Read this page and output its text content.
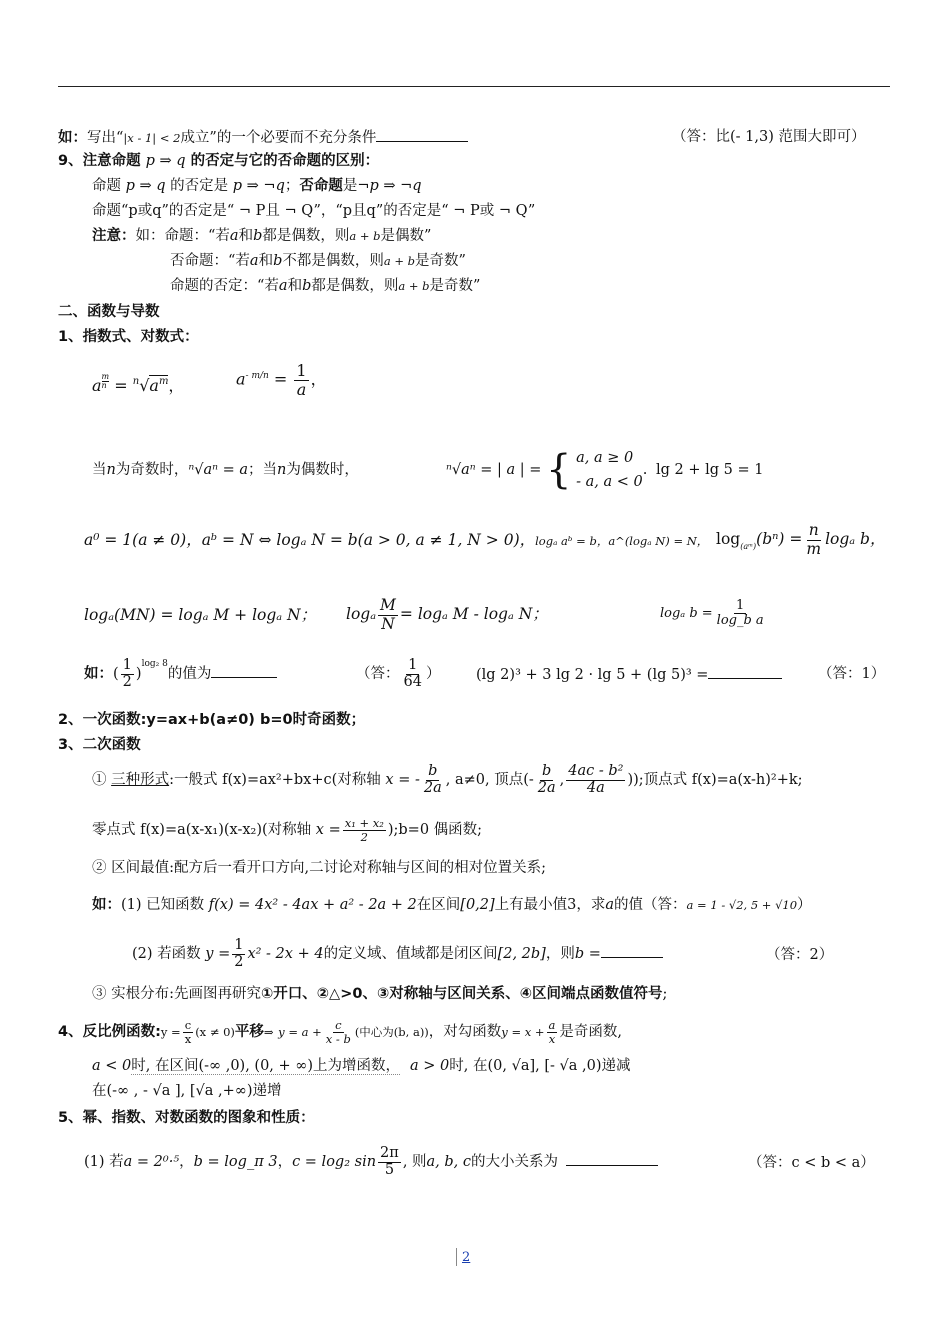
如：写出“|x - 1| < 2成立”的一个必要而不充分条件	（答：比(- 1,3) 范围大即可）
9、注意命题 p ⇒ q 的否定与它的否命题的区别：
命题 p ⇒ q 的否定是 p ⇒ ¬q；否命题是¬p ⇒ ¬q
命题“p或q”的否定是“ ¬ P且 ¬ Q”，“p且q”的否定是“ ¬ P或 ¬ Q”
注意：如：命题：“若a和b都是偶数，则a + b是偶数”
否命题：“若a和b不都是偶数，则a + b是奇数”
命题的否定：“若a和b都是偶数，则a + b是奇数”
二、函数与导数
1、指数式、对数式：
a $\frac{m}{n} = ^n√a^m$，	$a^{- m/n} = \frac{1}{a}$ ，
当n为奇数时，ⁿ√aⁿ = a；当n为偶数时，	ⁿ√aⁿ = | a | = { a, a ≥ 0
- a, a < 0
. lg 2 + lg 5 = 1
a⁰ = 1(a ≠ 0)，aᵇ = N ⇔ logₐ N = b(a > 0, a ≠ 1, N > 0)，logₐ aᵇ = b，a^(logₐ N) = N， $\log_{(aᵐ)}(b^n) = \frac{n}{m}$ logₐ b，
logₐ(MN) = logₐ M + logₐ N； logₐ $\frac{M}{N} = \log_a$ M - logₐ N；	logₐ $b = \frac{1}{\text{log\_b a}}$
如：( $\frac{1}{2} )^{log_2 8}$的值为	（答： $\frac{1}{64}$ ） (lg 2)³ + 3 lg 2 · lg 5 + (lg 5)³ =	（答：1）
2、一次函数:y=ax+b(a≠0) b=0时奇函数；
3、二次函数
① 三种形式:一般式 f(x)=ax²+bx+c(对称轴 x = - $\frac{b}{2a}$ , a≠0, 顶点(- $\frac{b}{2a}$ , $\frac{\text{4ac - b²}}{4a}$ ));顶点式 f(x)=a(x-h)²+k;
零点式 f(x)=a(x-x₁)(x-x₂)(对称轴 $x = \frac{\text{x₁ + x₂}}{2}$ );b=0 偶函数;
② 区间最值:配方后一看开口方向,二讨论对称轴与区间的相对位置关系;
如：(1) 已知函数 f(x) = 4x² - 4ax + a² - 2a + 2在区间[0,2]上有最小值3，求a的值（答：a = 1 - √2, 5 + √10）
(2) 若函数 $y = \frac{1}{2} x^2 - 2x + 4$的定义域、值域都是闭区间[2, 2b]，则b =	（答：2）
③ 实根分布:先画图再研究①开口、②△>0、③对称轴与区间关系、④区间端点函数值符号;
4、反比例函数:y = $\frac{c}{x} (x \ne 0)$平移⇒ $y = a + \frac{c}{x - b}$ (中心为(b, a))，对勾函数$y = x + \frac{a}{x}$ 是奇函数,
a < 0时, 在区间(-∞ ,0), (0, + ∞)上为增函数， a > 0时, 在(0, √a], [- √a ,0)递减
在(-∞ , - √a ], [√a ,+∞)递增
5、幂、指数、对数函数的图象和性质：
(1) 若a = 2⁰·⁵，b = log_π 3，c = log₂ $\sin \frac{2\pi}{5}$ , 则a, b, c的大小关系为	（答：c < b < a）
2
